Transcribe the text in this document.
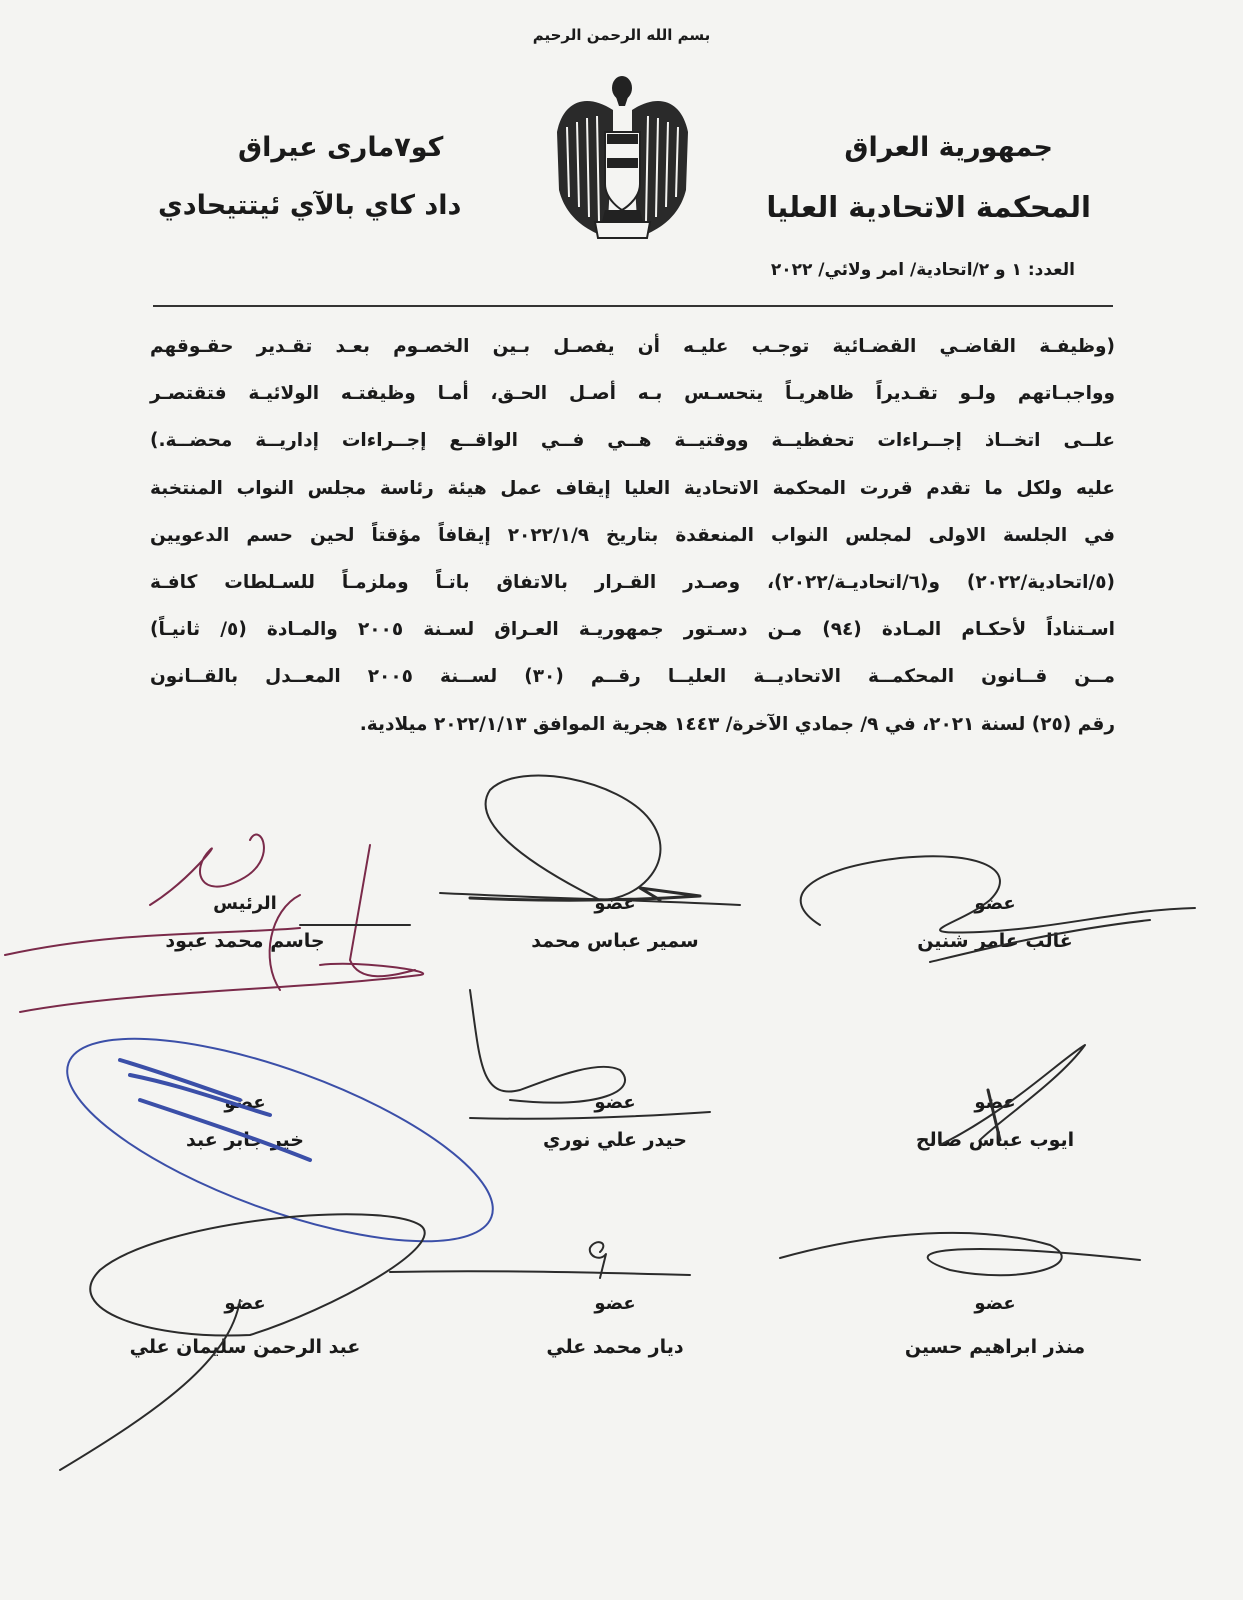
بسم الله الرحمن الرحيم
جمهورية العراق
المحكمة الاتحادية العليا
كو٧ماری عیراق
داد كاي بالآي ئيتتيحادي
العدد: ١ و ٢/اتحادية/ امر ولائي/ ٢٠٢٢

(وظيفـة القاضـي القضـائية توجـب عليـه أن يفصـل بـين الخصـوم بعـد تقـدير حقـوقهم

وواجبـاتهم ولـو تقـديراً ظاهريـاً يتحسـس بـه أصـل الحـق، أمـا وظيفتـه الولائيـة فتقتصـر

علــى اتخــاذ إجــراءات تحفظيــة ووقتيــة هــي فــي الواقــع إجــراءات إداريــة محضــة.)

عليه ولكل ما تقدم قررت المحكمة الاتحادية العليا إيقاف عمل هيئة رئاسة مجلس النواب المنتخبة

في الجلسة الاولى لمجلس النواب المنعقدة بتاريخ ٢٠٢٢/١/٩ إيقافاً مؤقتاً لحين حسم الدعويين

(٥/اتحادية/٢٠٢٢) و(٦/اتحاديـة/٢٠٢٢)، وصـدر القـرار بالاتفاق باتـاً وملزمـاً للسـلطات كافـة

اسـتناداً لأحكـام المـادة (٩٤) مـن دسـتور جمهوريـة العـراق لسـنة ٢٠٠٥ والمـادة (٥/ ثانيـاً)

مــن قــانون المحكمــة الاتحاديــة العليــا رقــم (٣٠) لســنة ٢٠٠٥ المعــدل بالقــانون

رقم (٢٥) لسنة ٢٠٢١، في ٩/ جمادي الآخرة/ ١٤٤٣ هجرية الموافق ٢٠٢٢/١/١٣ ميلادية.

عضو
غالب عامر شنين
عضو
سمير عباس محمد
الرئيس
جاسم محمد عبود
عضو
ايوب عباس صالح
عضو
حيدر علي نوري
عضو
خير جابر عبد
عضو
منذر ابراهيم حسين
عضو
ديار محمد علي
عضو
عبد الرحمن سليمان علي
